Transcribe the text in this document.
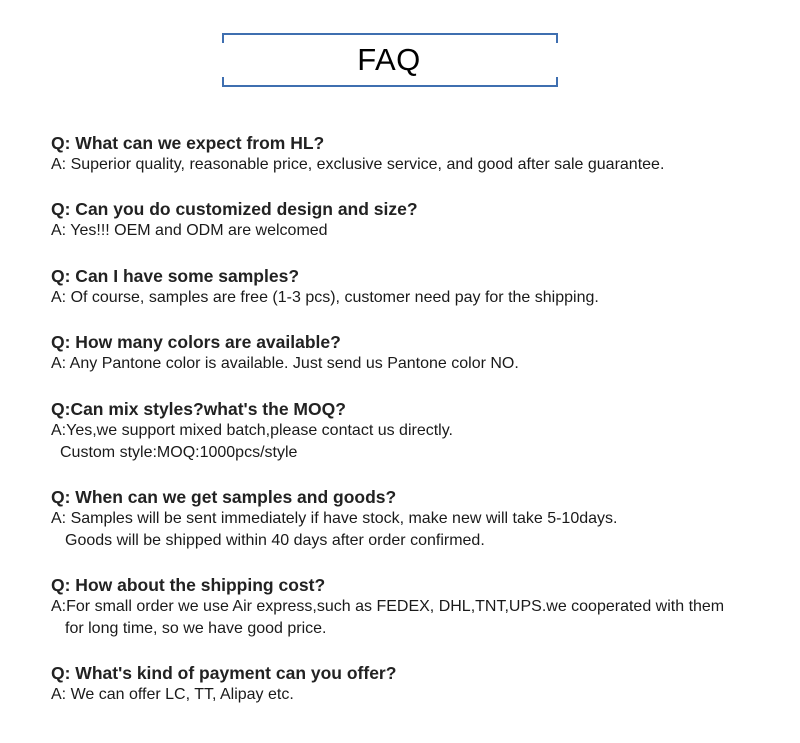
FAQ
Q: What can we expect from HL?
A: Superior quality, reasonable price, exclusive service, and good after sale guarantee.
Q: Can you do customized design and size?
A: Yes!!! OEM and ODM are welcomed
Q: Can I have some samples?
A: Of course, samples are free (1-3 pcs), customer need pay for the shipping.
Q: How many colors are available?
A: Any Pantone color is available. Just send us Pantone color NO.
Q:Can mix styles?what's the MOQ?
A:Yes,we support mixed batch,please contact us directly.
Custom style:MOQ:1000pcs/style
Q: When can we get samples and goods?
A: Samples will be sent immediately if have stock, make new will take 5-10days.
Goods will be shipped within 40 days after order confirmed.
Q: How about the shipping cost?
A:For small order we use Air express,such as FEDEX, DHL,TNT,UPS.we cooperated with them
for long time, so we have good price.
Q: What's kind of payment can you offer?
A: We can offer LC, TT, Alipay etc.
